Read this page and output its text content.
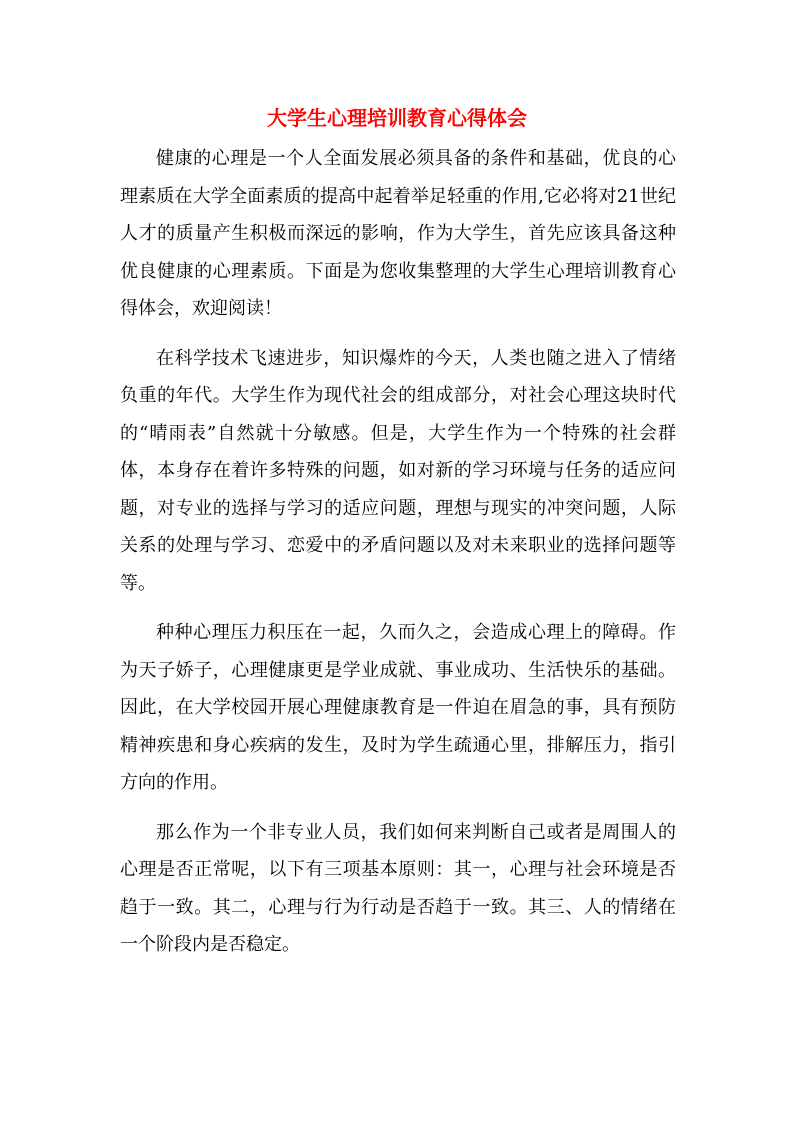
大学生心理培训教育心得体会

健康的心理是一个人全面发展必须具备的条件和基础，优良的心理素质在大学全面素质的提高中起着举足轻重的作用,它必将对21世纪人才的质量产生积极而深远的影响，作为大学生，首先应该具备这种优良健康的心理素质。下面是为您收集整理的大学生心理培训教育心得体会，欢迎阅读！

在科学技术飞速进步，知识爆炸的今天，人类也随之进入了情绪负重的年代。大学生作为现代社会的组成部分，对社会心理这块时代的“晴雨表”自然就十分敏感。但是，大学生作为一个特殊的社会群体，本身存在着许多特殊的问题，如对新的学习环境与任务的适应问题，对专业的选择与学习的适应问题，理想与现实的冲突问题，人际关系的处理与学习、恋爱中的矛盾问题以及对未来职业的选择问题等等。

种种心理压力积压在一起，久而久之，会造成心理上的障碍。作为天子娇子，心理健康更是学业成就、事业成功、生活快乐的基础。因此，在大学校园开展心理健康教育是一件迫在眉急的事，具有预防精神疾患和身心疾病的发生，及时为学生疏通心里，排解压力，指引方向的作用。

那么作为一个非专业人员，我们如何来判断自己或者是周围人的心理是否正常呢，以下有三项基本原则：其一，心理与社会环境是否趋于一致。其二，心理与行为行动是否趋于一致。其三、人的情绪在一个阶段内是否稳定。
